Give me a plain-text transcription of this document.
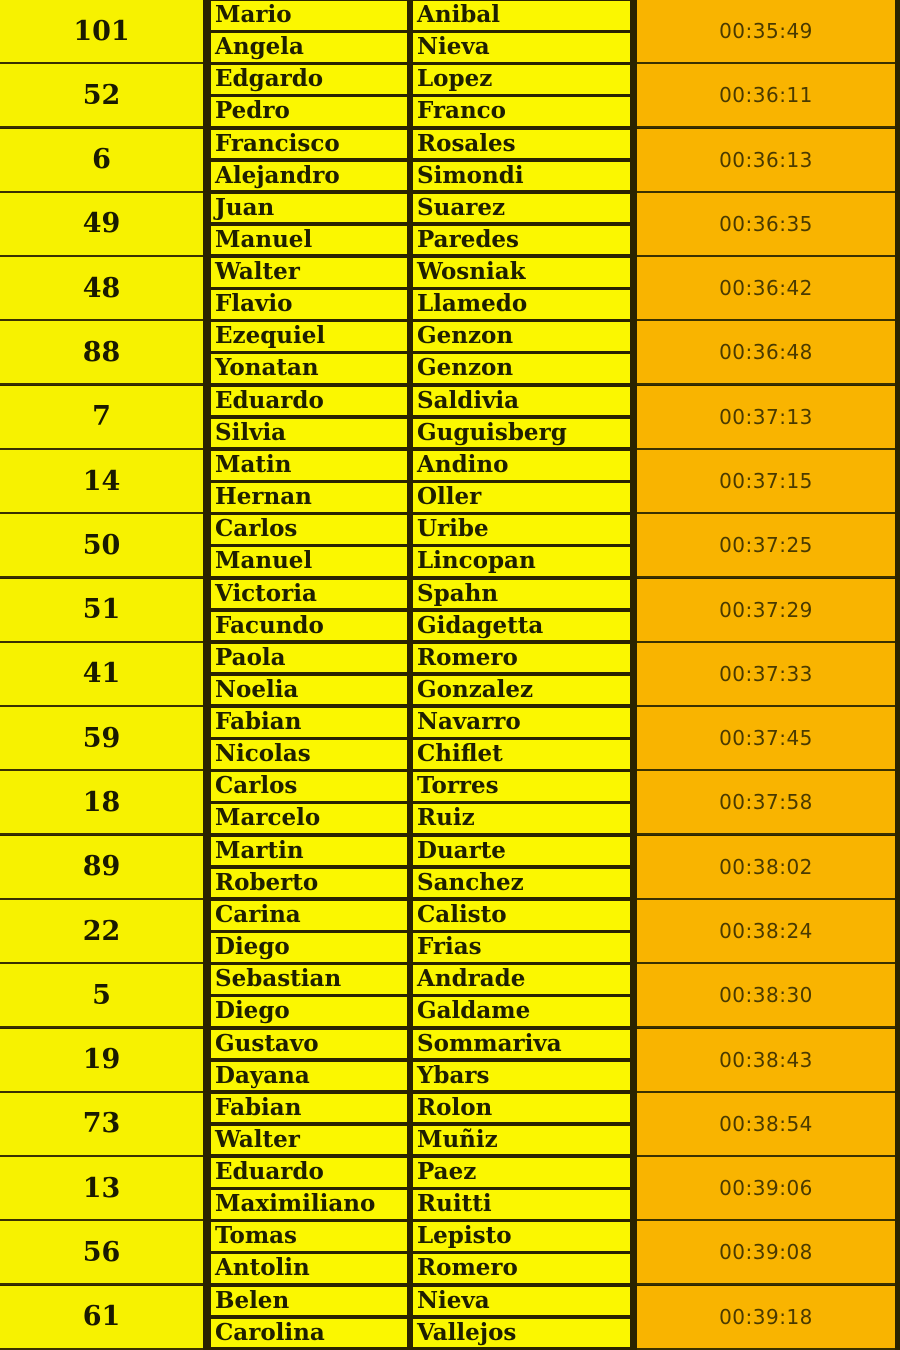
101
Mario	Anibal
Angela	Nieva
00:35:49
52
Edgardo	Lopez
Pedro	Franco
00:36:11
6
Francisco	Rosales
Alejandro	Simondi
00:36:13
49
Juan	Suarez
Manuel	Paredes
00:36:35
48
Walter	Wosniak
Flavio	Llamedo
00:36:42
88
Ezequiel	Genzon
Yonatan	Genzon
00:36:48
7
Eduardo	Saldivia
Silvia	Guguisberg
00:37:13
14
Matin	Andino
Hernan	Oller
00:37:15
50
Carlos	Uribe
Manuel	Lincopan
00:37:25
51
Victoria	Spahn
Facundo	Gidagetta
00:37:29
41
Paola	Romero
Noelia	Gonzalez
00:37:33
59
Fabian	Navarro
Nicolas	Chiflet
00:37:45
18
Carlos	Torres
Marcelo	Ruiz
00:37:58
89
Martin	Duarte
Roberto	Sanchez
00:38:02
22
Carina	Calisto
Diego	Frias
00:38:24
5
Sebastian	Andrade
Diego	Galdame
00:38:30
19
Gustavo	Sommariva
Dayana	Ybars
00:38:43
73
Fabian	Rolon
Walter	Muñiz
00:38:54
13
Eduardo	Paez
Maximiliano	Ruitti
00:39:06
56
Tomas	Lepisto
Antolin	Romero
00:39:08
61
Belen	Nieva
Carolina	Vallejos
00:39:18
